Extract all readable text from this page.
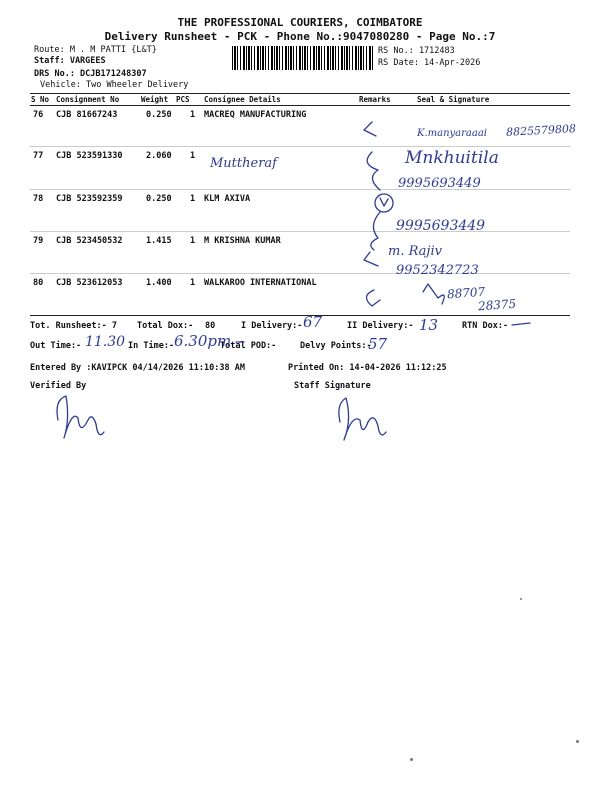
THE PROFESSIONAL COURIERS, COIMBATORE
Delivery Runsheet - PCK - Phone No.:9047080280 - Page No.:7
Route: M . M PATTI {L&T}
Staff: VARGEES
DRS No.: DCJB171248307
Vehicle: Two Wheeler Delivery
RS No.: 1712483
RS Date: 14-Apr-2026
S No Consignment No	Weight PCS Consignee Details	Remarks	Seal & Signature
76 CJB 81667243	0.250 1 MACREQ MANUFACTURING
77 CJB 523591330	2.060 1
78 CJB 523592359	0.250 1 KLM AXIVA
79 CJB 523450532	1.415 1 M KRISHNA KUMAR
80 CJB 523612053	1.400 1 WALKAROO INTERNATIONAL
Tot. Runsheet:- 7 Total Dox:- 80	I Delivery:-	II Delivery:-	RTN Dox:-
Out Time:-	In Time:-	Total POD:-	Delvy Points:-
Entered By :KAVIPCK 04/14/2026 11:10:38 AM	Printed On: 14-04-2026 11:12:25
Verified By	Staff Signature
Muttheraf
K.manyaraaai 8825579808
Mnkhuitila
9995693449
9995693449
m. Rajiv
9952342723
88707
28375
67	13
11.30	6.30pm	57
